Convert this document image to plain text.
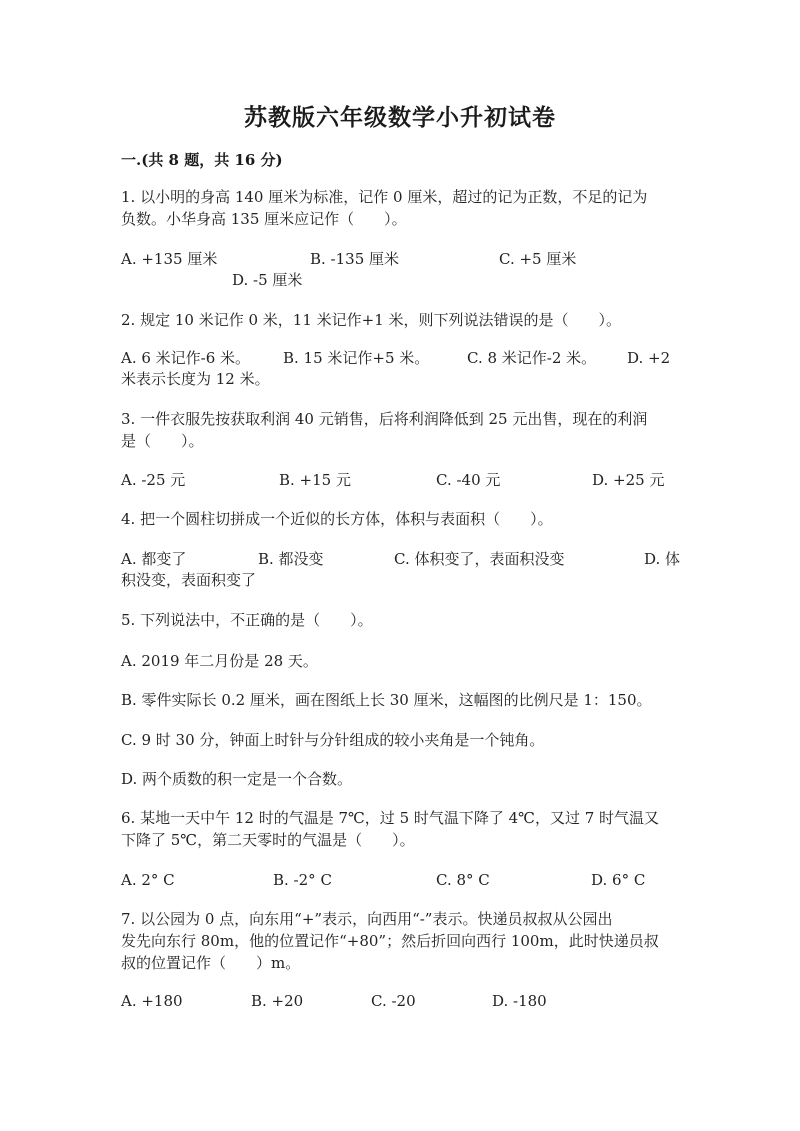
苏教版六年级数学小升初试卷
一.(共 8 题，共 16 分)
1. 以小明的身高 140 厘米为标准，记作 0 厘米，超过的记为正数，不足的记为
负数。小华身高 135 厘米应记作（　　）。
A. +135 厘米	B. -135 厘米	C. +5 厘米
D. -5 厘米
2. 规定 10 米记作 0 米，11 米记作+1 米，则下列说法错误的是（　　）。
A. 6 米记作-6 米。 B. 15 米记作+5 米。	C. 8 米记作-2 米。 D. +2
米表示长度为 12 米。
3. 一件衣服先按获取利润 40 元销售，后将利润降低到 25 元出售，现在的利润
是（　　）。
A. -25 元	B. +15 元	C. -40 元	D. +25 元
4. 把一个圆柱切拼成一个近似的长方体，体积与表面积（　　）。
A. 都变了	B. 都没变	C. 体积变了，表面积没变	D. 体
积没变，表面积变了
5. 下列说法中，不正确的是（　　）。
A. 2019 年二月份是 28 天。
B. 零件实际长 0.2 厘米，画在图纸上长 30 厘米，这幅图的比例尺是 1：150。
C. 9 时 30 分，钟面上时针与分针组成的较小夹角是一个钝角。
D. 两个质数的积一定是一个合数。
6. 某地一天中午 12 时的气温是 7℃，过 5 时气温下降了 4℃，又过 7 时气温又
下降了 5℃，第二天零时的气温是（　　）。
A. 2° C	B. -2° C	C. 8° C	D. 6° C
7. 以公园为 0 点，向东用“+”表示，向西用“-”表示。快递员叔叔从公园出
发先向东行 80m，他的位置记作“+80”；然后折回向西行 100m，此时快递员叔
叔的位置记作（　　）m。
A. +180	B. +20	C. -20	D. -180
